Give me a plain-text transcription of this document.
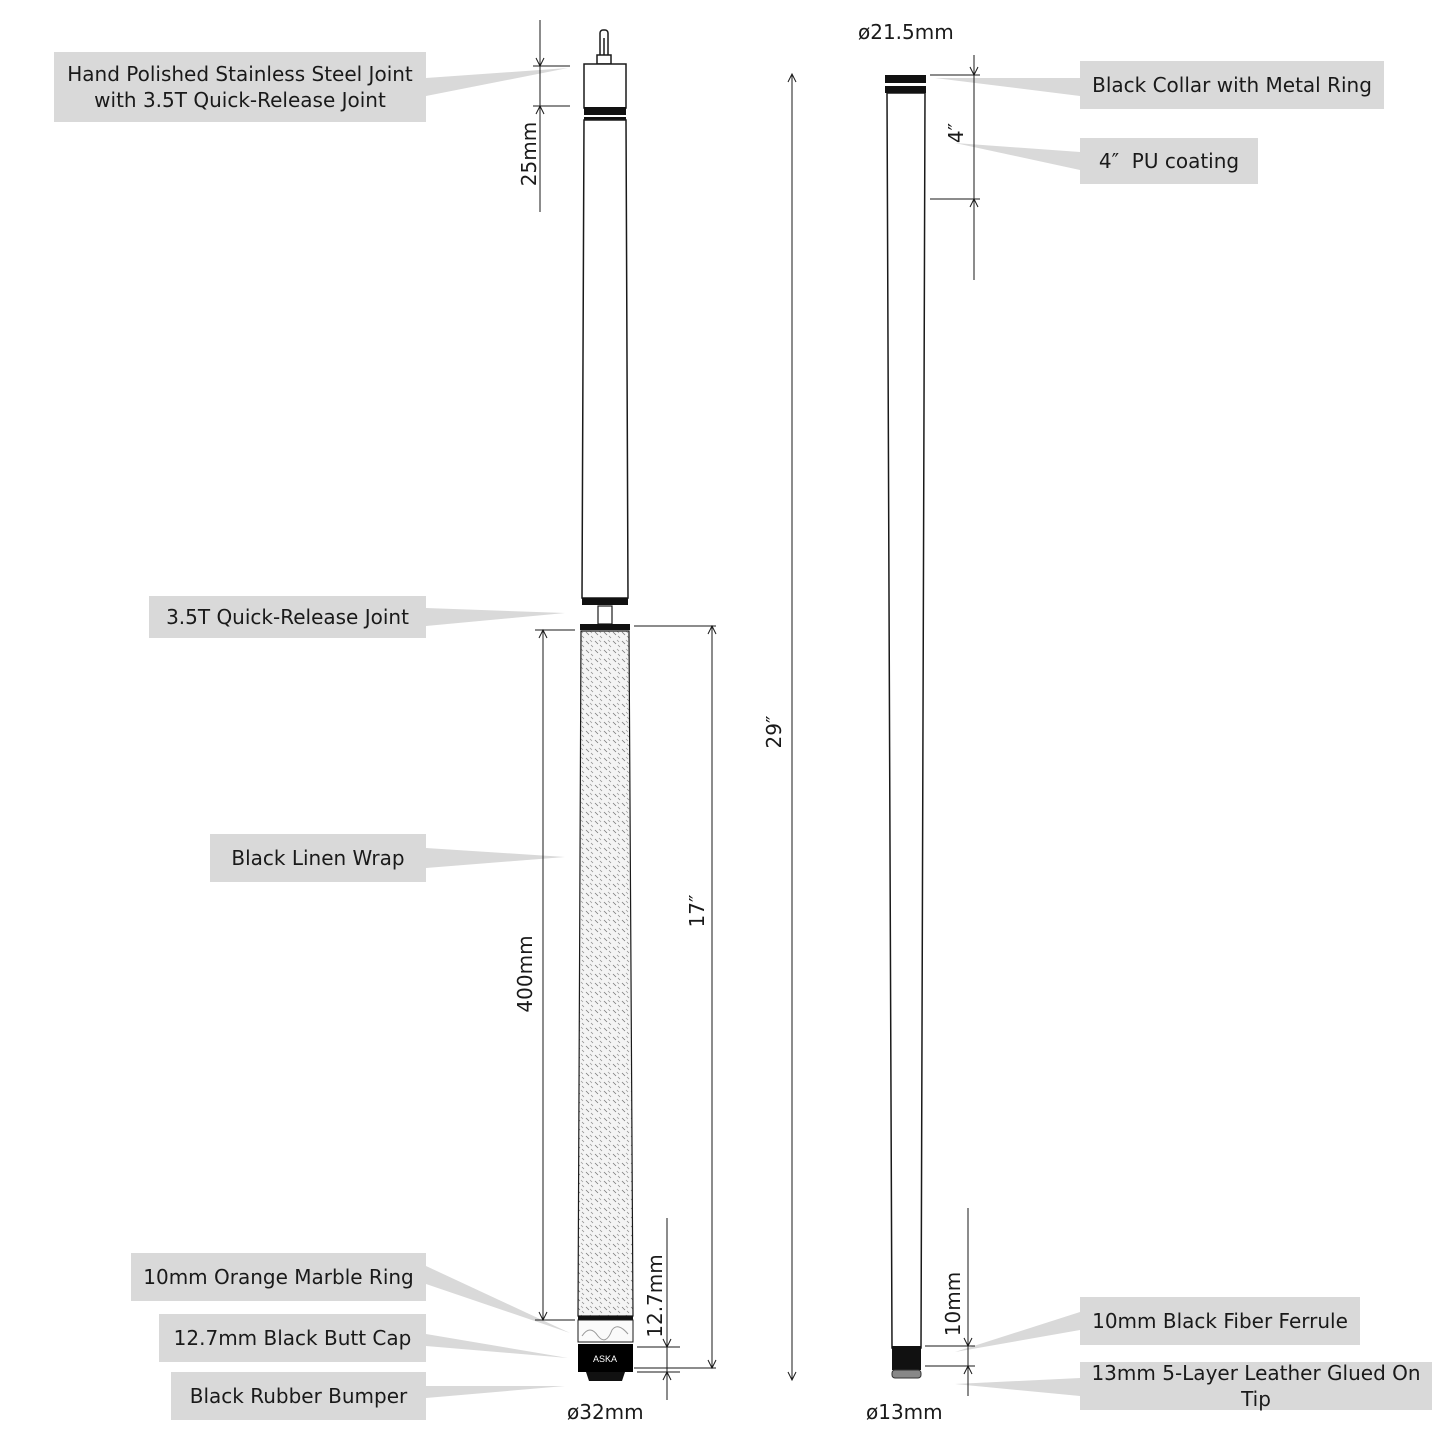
ASKA
Hand Polished Stainless Steel Joint
with 3.5T Quick-Release Joint
3.5T Quick-Release Joint
Black Linen Wrap
10mm Orange Marble Ring
12.7mm Black Butt Cap
Black Rubber Bumper
Black Collar with Metal Ring
4″  PU coating
10mm Black Fiber Ferrule
13mm 5-Layer Leather Glued On Tip
ø21.5mm
ø13mm
ø32mm
25mm
400mm
17″
12.7mm
29″
4″
10mm
